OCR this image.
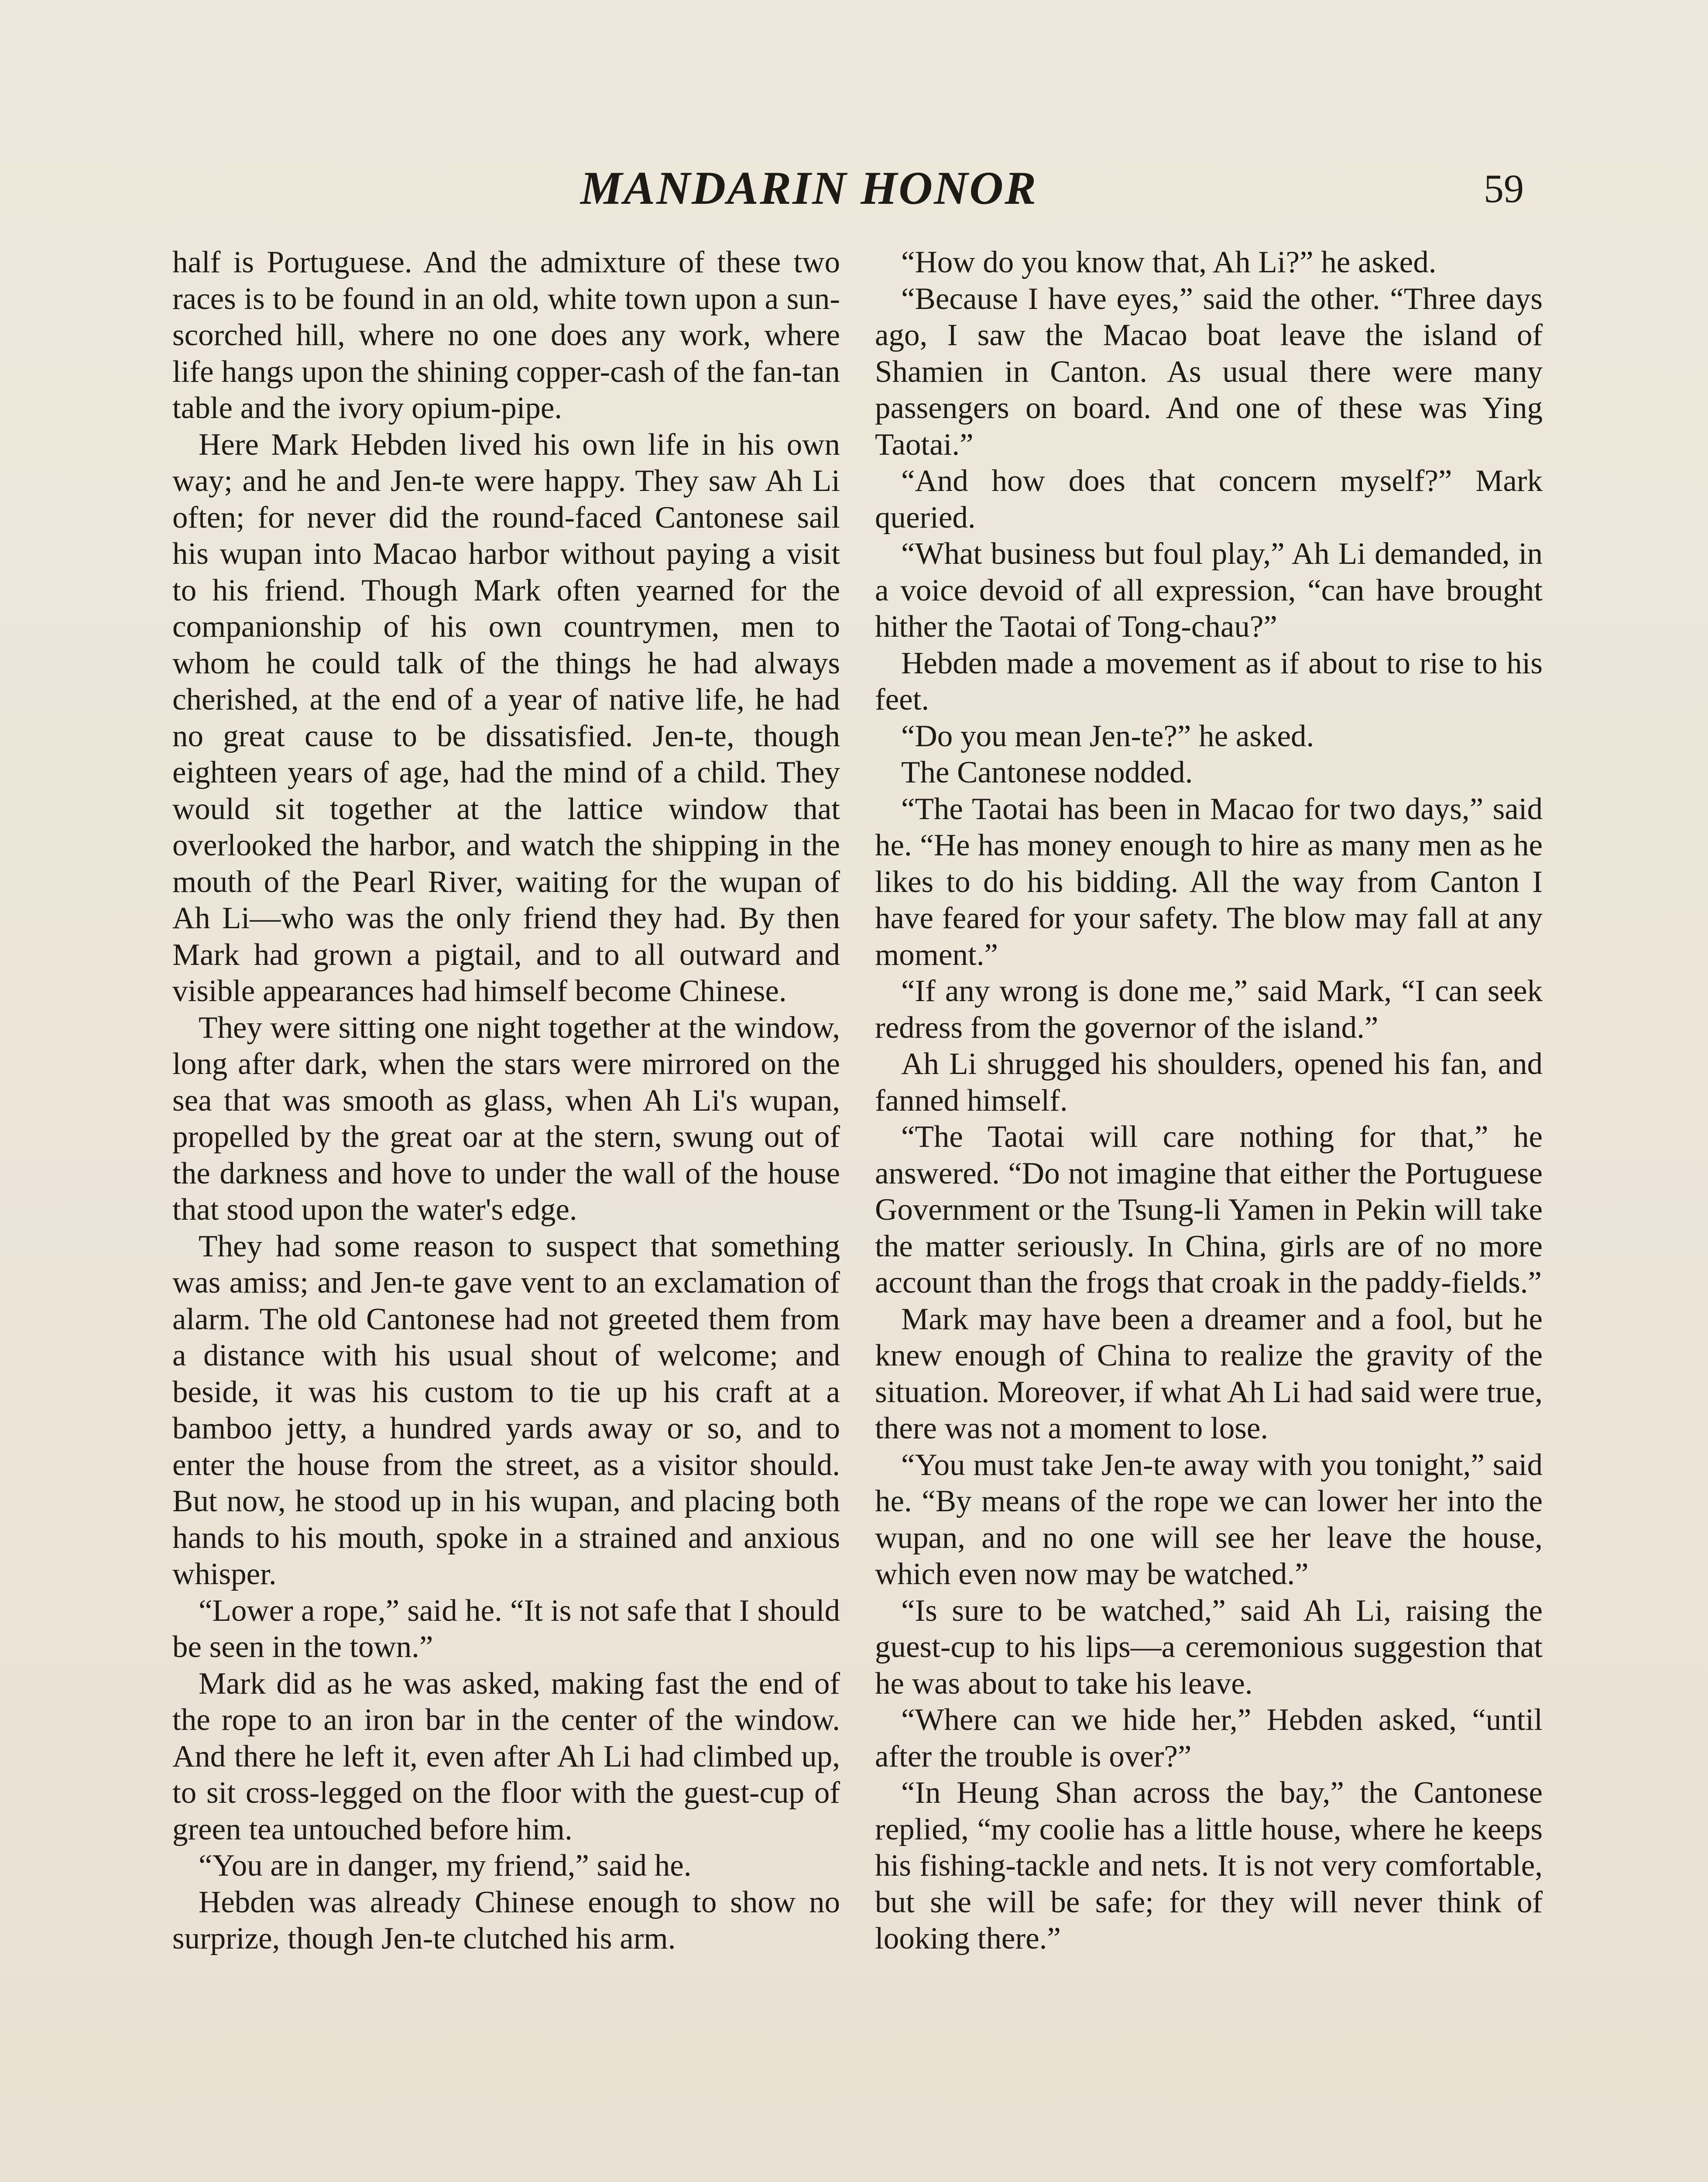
MANDARIN HONOR	59

half is Portuguese. And the admixture of these two races is to be found in an old, white town upon a sun-scorched hill, where no one does any work, where life hangs upon the shining copper-cash of the fan-tan table and the ivory opium-pipe.

Here Mark Hebden lived his own life in his own way; and he and Jen-te were happy. They saw Ah Li often; for never did the round-faced Cantonese sail his wupan into Macao harbor without paying a visit to his friend. Though Mark often yearned for the companionship of his own countrymen, men to whom he could talk of the things he had always cherished, at the end of a year of native life, he had no great cause to be dissatisfied. Jen-te, though eighteen years of age, had the mind of a child. They would sit together at the lattice window that overlooked the harbor, and watch the shipping in the mouth of the Pearl River, waiting for the wupan of Ah Li—who was the only friend they had. By then Mark had grown a pigtail, and to all outward and visible appearances had himself become Chinese.

They were sitting one night together at the window, long after dark, when the stars were mirrored on the sea that was smooth as glass, when Ah Li's wupan, propelled by the great oar at the stern, swung out of the darkness and hove to under the wall of the house that stood upon the water's edge.

They had some reason to suspect that something was amiss; and Jen-te gave vent to an exclamation of alarm. The old Cantonese had not greeted them from a distance with his usual shout of welcome; and beside, it was his custom to tie up his craft at a bamboo jetty, a hundred yards away or so, and to enter the house from the street, as a visitor should. But now, he stood up in his wupan, and placing both hands to his mouth, spoke in a strained and anxious whisper.

“Lower a rope,” said he. “It is not safe that I should be seen in the town.”

Mark did as he was asked, making fast the end of the rope to an iron bar in the center of the window. And there he left it, even after Ah Li had climbed up, to sit cross-legged on the floor with the guest-cup of green tea untouched before him.

“You are in danger, my friend,” said he.

Hebden was already Chinese enough to show no surprize, though Jen-te clutched his arm.

“How do you know that, Ah Li?” he asked.

“Because I have eyes,” said the other. “Three days ago, I saw the Macao boat leave the island of Shamien in Canton. As usual there were many passengers on board. And one of these was Ying Taotai.”

“And how does that concern myself?” Mark queried.

“What business but foul play,” Ah Li demanded, in a voice devoid of all expression, “can have brought hither the Taotai of Tong-chau?”

Hebden made a movement as if about to rise to his feet.

“Do you mean Jen-te?” he asked.

The Cantonese nodded.

“The Taotai has been in Macao for two days,” said he. “He has money enough to hire as many men as he likes to do his bidding. All the way from Canton I have feared for your safety. The blow may fall at any moment.”

“If any wrong is done me,” said Mark, “I can seek redress from the governor of the island.”

Ah Li shrugged his shoulders, opened his fan, and fanned himself.

“The Taotai will care nothing for that,” he answered. “Do not imagine that either the Portuguese Government or the Tsung-li Yamen in Pekin will take the matter seriously. In China, girls are of no more account than the frogs that croak in the paddy-fields.”

Mark may have been a dreamer and a fool, but he knew enough of China to realize the gravity of the situation. Moreover, if what Ah Li had said were true, there was not a moment to lose.

“You must take Jen-te away with you tonight,” said he. “By means of the rope we can lower her into the wupan, and no one will see her leave the house, which even now may be watched.”

“Is sure to be watched,” said Ah Li, raising the guest-cup to his lips—a ceremonious suggestion that he was about to take his leave.

“Where can we hide her,” Hebden asked, “until after the trouble is over?”

“In Heung Shan across the bay,” the Cantonese replied, “my coolie has a little house, where he keeps his fishing-tackle and nets. It is not very comfortable, but she will be safe; for they will never think of looking there.”
